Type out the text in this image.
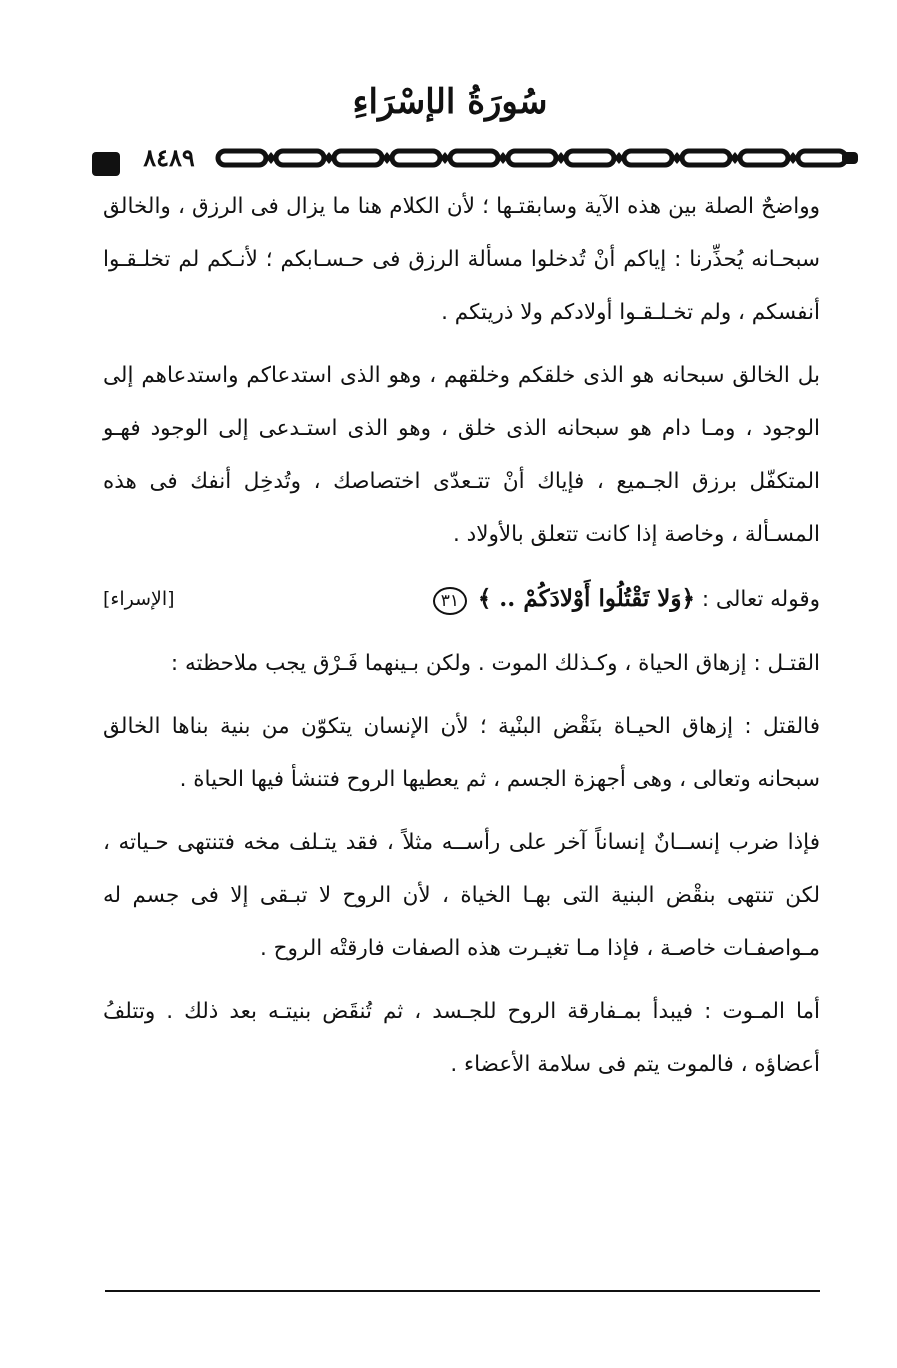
سُورَةُ الإسْرَاءِ
٨٤٨٩

وواضحٌ الصلة بين هذه الآية وسابقتـها ؛ لأن الكلام هنا ما يزال فى الرزق ، والخالق سبحـانه يُحذِّرنا : إياكم أنْ تُدخلوا مسألة الرزق فى حـسـابكم ؛ لأنـكم لم تخلـقـوا أنفسكم ، ولم تخـلـقـوا أولادكم ولا ذريتكم .

بل الخالق سبحانه هو الذى خلقكم وخلقهم ، وهو الذى استدعاكم واستدعاهم إلى الوجود ، ومـا دام هو سبحانه الذى خلق ، وهو الذى استـدعى إلى الوجود فهـو المتكفّل برزق الجـميع ، فإياك أنْ تتـعدّى اختصاصك ، وتُدخِل أنفك فى هذه المسـألة ، وخاصة إذا كانت تتعلق بالأولاد .

وقوله تعالى : ﴿وَلا تَقْتُلُوا أَوْلادَكُمْ .. ﴾ ٣١
[الإسراء]

القتـل : إزهاق الحياة ، وكـذلك الموت . ولكن بـينهما فَـرْق يجب ملاحظته :

فالقتل : إزهاق الحيـاة بنَقْض البنْية ؛ لأن الإنسان يتكوّن من بنية بناها الخالق سبحانه وتعالى ، وهى أجهزة الجسم ، ثم يعطيها الروح فتنشأ فيها الحياة .

فإذا ضرب إنســانٌ إنساناً آخر على رأســه مثلاً ، فقد يتـلف مخه فتنتهى حـياته ، لكن تنتهى بنقْض البنية التى بهـا الخياة ، لأن الروح لا تبـقى إلا فى جسم له مـواصفـات خاصـة ، فإذا مـا تغيـرت هذه الصفات فارقتْه الروح .

أما المـوت : فيبدأ بمـفارقة الروح للجـسد ، ثم تُنقَض بنيتـه بعد ذلك . وتتلفُ أعضاؤه ، فالموت يتم فى سلامة الأعضاء .
